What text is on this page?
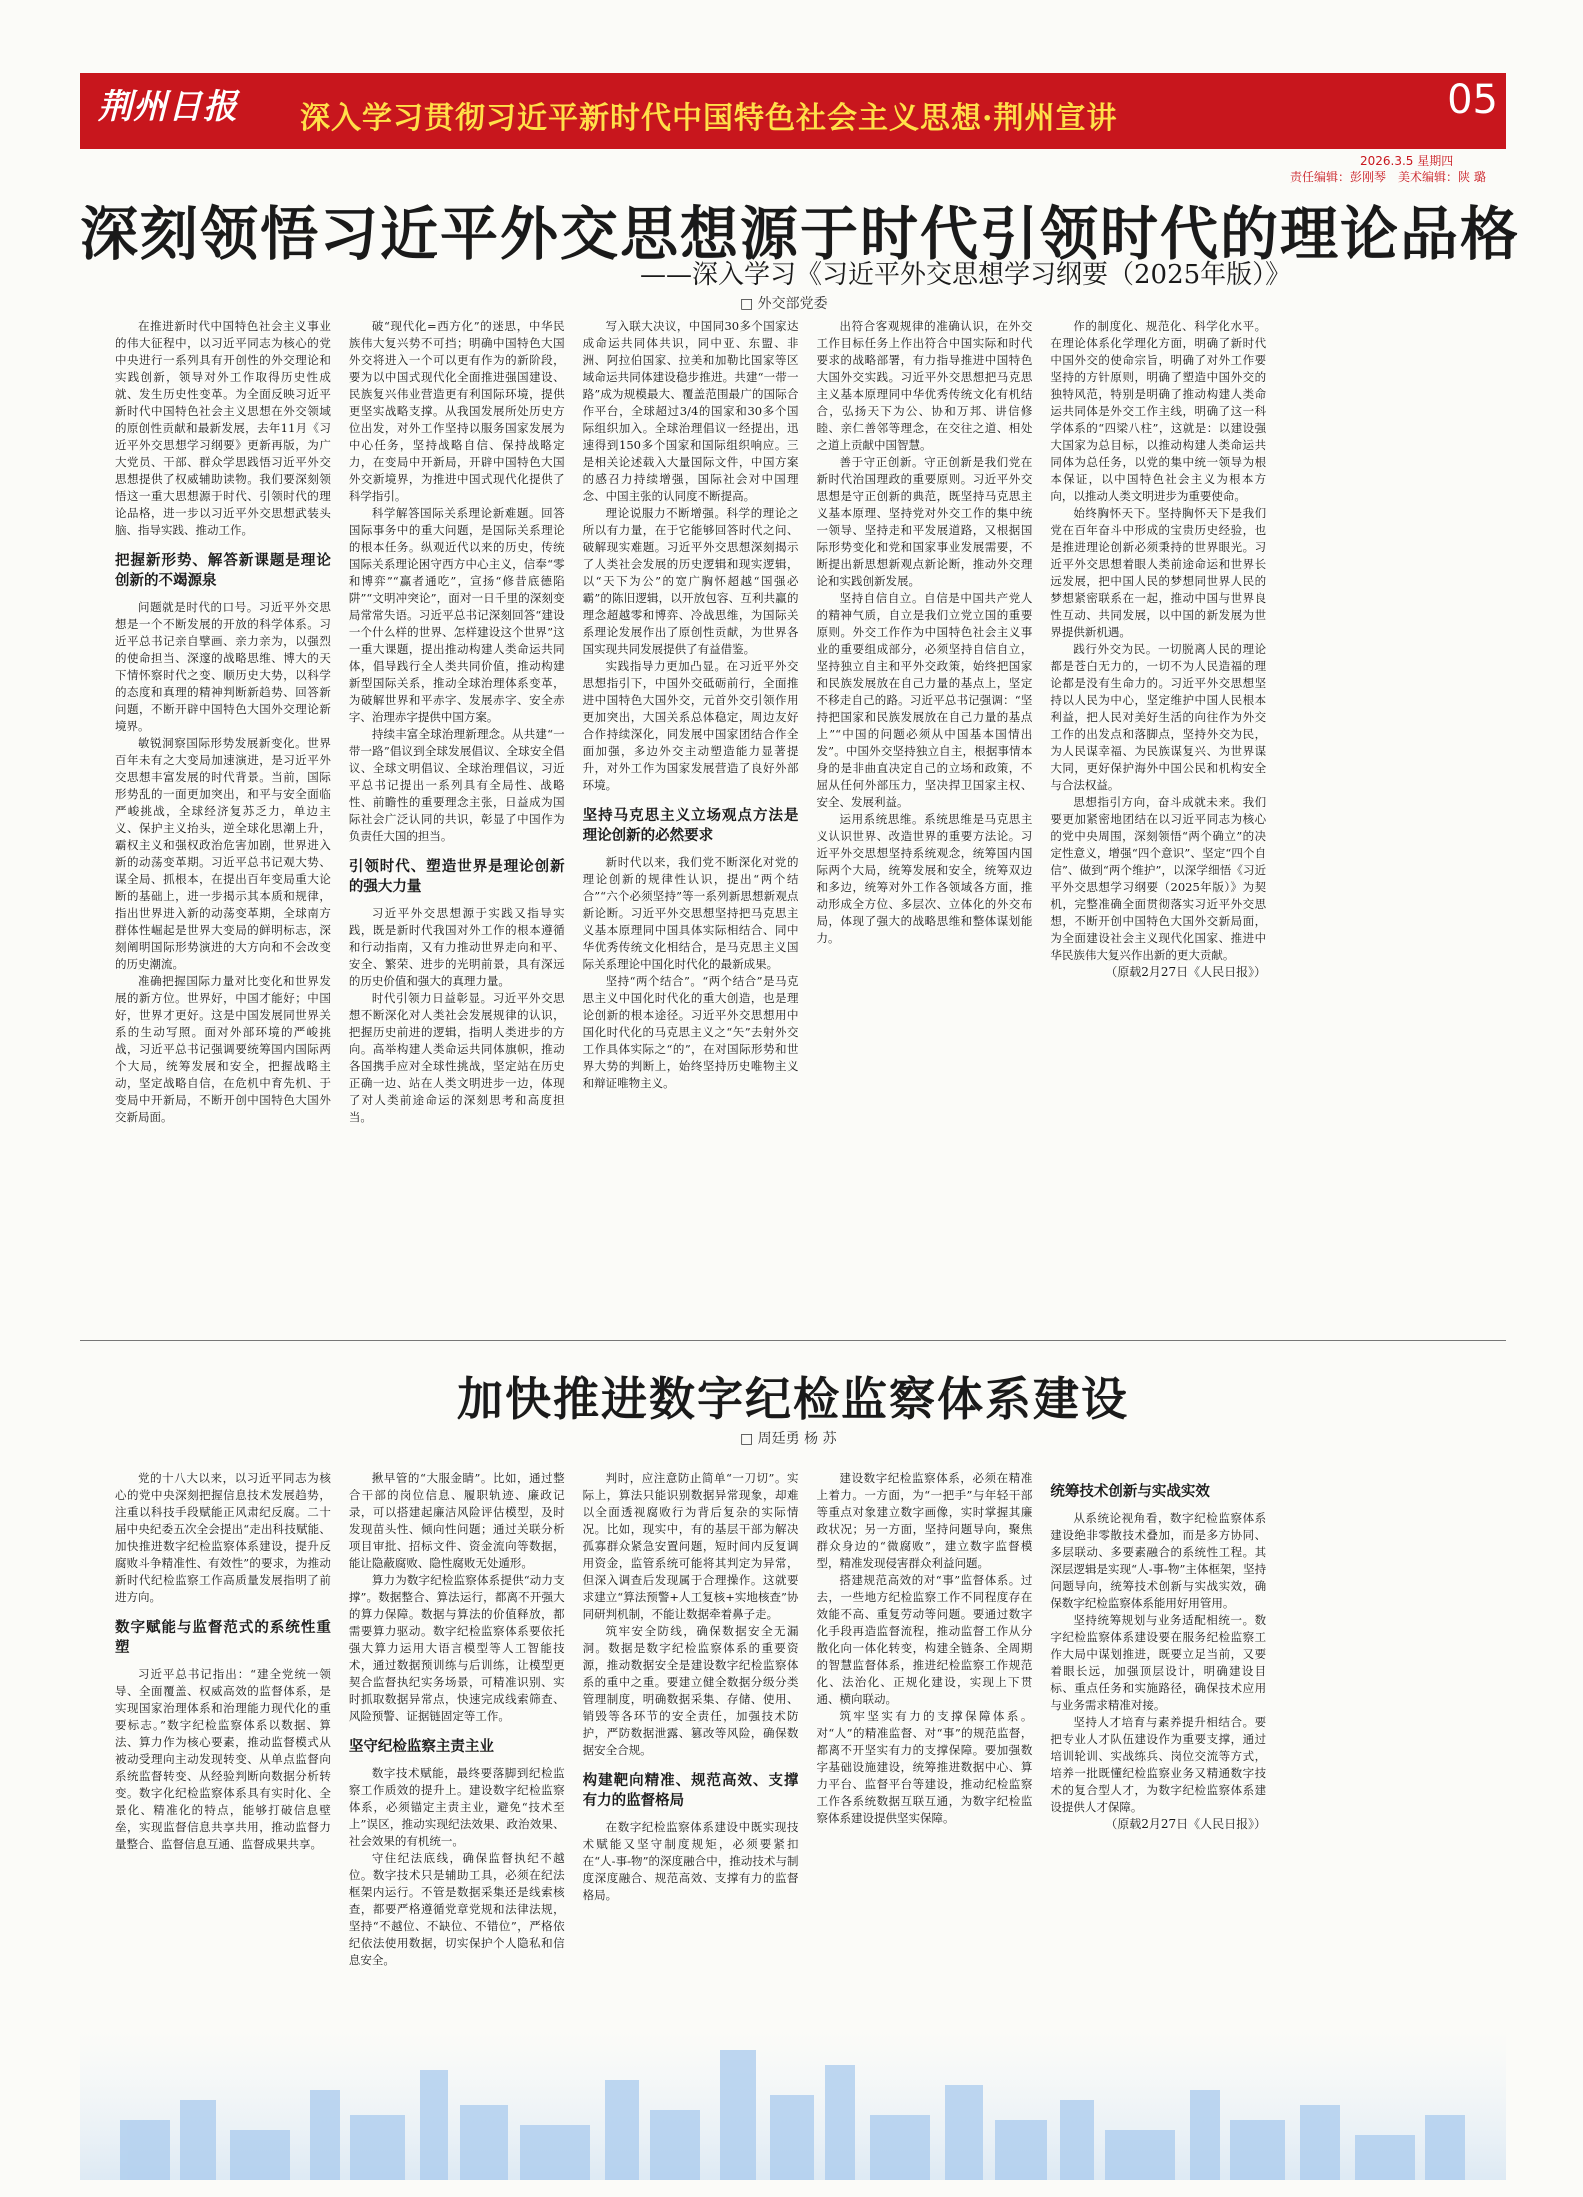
荆州日报 深入学习贯彻习近平新时代中国特色社会主义思想·荆州宣讲	05
2026.3.5 星期四
责任编辑：彭刚琴　美术编辑：陕 璐
深刻领悟习近平外交思想源于时代引领时代的理论品格
——深入学习《习近平外交思想学习纲要（2025年版）》
□ 外交部党委

在推进新时代中国特色社会主义事业的伟大征程中，以习近平同志为核心的党中央进行一系列具有开创性的外交理论和实践创新，领导对外工作取得历史性成就、发生历史性变革。为全面反映习近平新时代中国特色社会主义思想在外交领域的原创性贡献和最新发展，去年11月《习近平外交思想学习纲要》更新再版，为广大党员、干部、群众学思践悟习近平外交思想提供了权威辅助读物。我们要深刻领悟这一重大思想源于时代、引领时代的理论品格，进一步以习近平外交思想武装头脑、指导实践、推动工作。

把握新形势、解答新课题是理论创新的不竭源泉

问题就是时代的口号。习近平外交思想是一个不断发展的开放的科学体系。习近平总书记亲自擘画、亲力亲为，以强烈的使命担当、深邃的战略思维、博大的天下情怀察时代之变、顺历史大势，以科学的态度和真理的精神判断新趋势、回答新问题，不断开辟中国特色大国外交理论新境界。

敏锐洞察国际形势发展新变化。世界百年未有之大变局加速演进，是习近平外交思想丰富发展的时代背景。当前，国际形势乱的一面更加突出，和平与安全面临严峻挑战，全球经济复苏乏力，单边主义、保护主义抬头，逆全球化思潮上升，霸权主义和强权政治危害加剧，世界进入新的动荡变革期。习近平总书记观大势、谋全局、抓根本，在提出百年变局重大论断的基础上，进一步揭示其本质和规律，指出世界进入新的动荡变革期，全球南方群体性崛起是世界大变局的鲜明标志，深刻阐明国际形势演进的大方向和不会改变的历史潮流。

准确把握国际力量对比变化和世界发展的新方位。世界好，中国才能好；中国好，世界才更好。这是中国发展同世界关系的生动写照。面对外部环境的严峻挑战，习近平总书记强调要统筹国内国际两个大局，统筹发展和安全，把握战略主动，坚定战略自信，在危机中育先机、于变局中开新局，不断开创中国特色大国外交新局面。

破“现代化=西方化”的迷思，中华民族伟大复兴势不可挡；明确中国特色大国外交将进入一个可以更有作为的新阶段，要为以中国式现代化全面推进强国建设、民族复兴伟业营造更有利国际环境，提供更坚实战略支撑。从我国发展所处历史方位出发，对外工作坚持以服务国家发展为中心任务，坚持战略自信、保持战略定力，在变局中开新局，开辟中国特色大国外交新境界，为推进中国式现代化提供了科学指引。

科学解答国际关系理论新难题。回答国际事务中的重大问题，是国际关系理论的根本任务。纵观近代以来的历史，传统国际关系理论困守西方中心主义，信奉“零和博弈”“赢者通吃”，宣扬“修昔底德陷阱”“文明冲突论”，面对一日千里的深刻变局常常失语。习近平总书记深刻回答“建设一个什么样的世界、怎样建设这个世界”这一重大课题，提出推动构建人类命运共同体，倡导践行全人类共同价值，推动构建新型国际关系，推动全球治理体系变革，为破解世界和平赤字、发展赤字、安全赤字、治理赤字提供中国方案。

持续丰富全球治理新理念。从共建“一带一路”倡议到全球发展倡议、全球安全倡议、全球文明倡议、全球治理倡议，习近平总书记提出一系列具有全局性、战略性、前瞻性的重要理念主张，日益成为国际社会广泛认同的共识，彰显了中国作为负责任大国的担当。

引领时代、塑造世界是理论创新的强大力量

习近平外交思想源于实践又指导实践，既是新时代我国对外工作的根本遵循和行动指南，又有力推动世界走向和平、安全、繁荣、进步的光明前景，具有深远的历史价值和强大的真理力量。

时代引领力日益彰显。习近平外交思想不断深化对人类社会发展规律的认识，把握历史前进的逻辑，指明人类进步的方向。高举构建人类命运共同体旗帜，推动各国携手应对全球性挑战，坚定站在历史正确一边、站在人类文明进步一边，体现了对人类前途命运的深刻思考和高度担当。

写入联大决议，中国同30多个国家达成命运共同体共识，同中亚、东盟、非洲、阿拉伯国家、拉美和加勒比国家等区域命运共同体建设稳步推进。共建“一带一路”成为规模最大、覆盖范围最广的国际合作平台，全球超过3/4的国家和30多个国际组织加入。全球治理倡议一经提出，迅速得到150多个国家和国际组织响应。三是相关论述载入大量国际文件，中国方案的感召力持续增强，国际社会对中国理念、中国主张的认同度不断提高。

理论说服力不断增强。科学的理论之所以有力量，在于它能够回答时代之问、破解现实难题。习近平外交思想深刻揭示了人类社会发展的历史逻辑和现实逻辑，以“天下为公”的宽广胸怀超越“国强必霸”的陈旧逻辑，以开放包容、互利共赢的理念超越零和博弈、冷战思维，为国际关系理论发展作出了原创性贡献，为世界各国实现共同发展提供了有益借鉴。

实践指导力更加凸显。在习近平外交思想指引下，中国外交砥砺前行，全面推进中国特色大国外交，元首外交引领作用更加突出，大国关系总体稳定，周边友好合作持续深化，同发展中国家团结合作全面加强，多边外交主动塑造能力显著提升，对外工作为国家发展营造了良好外部环境。

坚持马克思主义立场观点方法是理论创新的必然要求

新时代以来，我们党不断深化对党的理论创新的规律性认识，提出“两个结合”“六个必须坚持”等一系列新思想新观点新论断。习近平外交思想坚持把马克思主义基本原理同中国具体实际相结合、同中华优秀传统文化相结合，是马克思主义国际关系理论中国化时代化的最新成果。

坚持“两个结合”。“两个结合”是马克思主义中国化时代化的重大创造，也是理论创新的根本途径。习近平外交思想用中国化时代化的马克思主义之“矢”去射外交工作具体实际之“的”，在对国际形势和世界大势的判断上，始终坚持历史唯物主义和辩证唯物主义。

出符合客观规律的准确认识，在外交工作目标任务上作出符合中国实际和时代要求的战略部署，有力指导推进中国特色大国外交实践。习近平外交思想把马克思主义基本原理同中华优秀传统文化有机结合，弘扬天下为公、协和万邦、讲信修睦、亲仁善邻等理念，在交往之道、相处之道上贡献中国智慧。

善于守正创新。守正创新是我们党在新时代治国理政的重要原则。习近平外交思想是守正创新的典范，既坚持马克思主义基本原理、坚持党对外交工作的集中统一领导、坚持走和平发展道路，又根据国际形势变化和党和国家事业发展需要，不断提出新思想新观点新论断，推动外交理论和实践创新发展。

坚持自信自立。自信是中国共产党人的精神气质，自立是我们立党立国的重要原则。外交工作作为中国特色社会主义事业的重要组成部分，必须坚持自信自立，坚持独立自主和平外交政策，始终把国家和民族发展放在自己力量的基点上，坚定不移走自己的路。习近平总书记强调：“坚持把国家和民族发展放在自己力量的基点上”“中国的问题必须从中国基本国情出发”。中国外交坚持独立自主，根据事情本身的是非曲直决定自己的立场和政策，不屈从任何外部压力，坚决捍卫国家主权、安全、发展利益。

运用系统思维。系统思维是马克思主义认识世界、改造世界的重要方法论。习近平外交思想坚持系统观念，统筹国内国际两个大局，统筹发展和安全，统筹双边和多边，统筹对外工作各领域各方面，推动形成全方位、多层次、立体化的外交布局，体现了强大的战略思维和整体谋划能力。

作的制度化、规范化、科学化水平。在理论体系化学理化方面，明确了新时代中国外交的使命宗旨，明确了对外工作要坚持的方针原则，明确了塑造中国外交的独特风范，特别是明确了推动构建人类命运共同体是外交工作主线，明确了这一科学体系的“四梁八柱”，这就是：以建设强大国家为总目标，以推动构建人类命运共同体为总任务，以党的集中统一领导为根本保证，以中国特色社会主义为根本方向，以推动人类文明进步为重要使命。

始终胸怀天下。坚持胸怀天下是我们党在百年奋斗中形成的宝贵历史经验，也是推进理论创新必须秉持的世界眼光。习近平外交思想着眼人类前途命运和世界长远发展，把中国人民的梦想同世界人民的梦想紧密联系在一起，推动中国与世界良性互动、共同发展，以中国的新发展为世界提供新机遇。

践行外交为民。一切脱离人民的理论都是苍白无力的，一切不为人民造福的理论都是没有生命力的。习近平外交思想坚持以人民为中心，坚定维护中国人民根本利益，把人民对美好生活的向往作为外交工作的出发点和落脚点，坚持外交为民，为人民谋幸福、为民族谋复兴、为世界谋大同，更好保护海外中国公民和机构安全与合法权益。

思想指引方向，奋斗成就未来。我们要更加紧密地团结在以习近平同志为核心的党中央周围，深刻领悟“两个确立”的决定性意义，增强“四个意识”、坚定“四个自信”、做到“两个维护”，以深学细悟《习近平外交思想学习纲要（2025年版）》为契机，完整准确全面贯彻落实习近平外交思想，不断开创中国特色大国外交新局面，为全面建设社会主义现代化国家、推进中华民族伟大复兴作出新的更大贡献。

（原载2月27日《人民日报》）

加快推进数字纪检监察体系建设
□ 周廷勇 杨 苏

党的十八大以来，以习近平同志为核心的党中央深刻把握信息技术发展趋势，注重以科技手段赋能正风肃纪反腐。二十届中央纪委五次全会提出“走出科技赋能、加快推进数字纪检监察体系建设，提升反腐败斗争精准性、有效性”的要求，为推动新时代纪检监察工作高质量发展指明了前进方向。

数字赋能与监督范式的系统性重塑

习近平总书记指出：“建全党统一领导、全面覆盖、权威高效的监督体系，是实现国家治理体系和治理能力现代化的重要标志。”数字纪检监察体系以数据、算法、算力作为核心要素，推动监督模式从被动受理向主动发现转变、从单点监督向系统监督转变、从经验判断向数据分析转变。数字化纪检监察体系具有实时化、全景化、精准化的特点，能够打破信息壁垒，实现监督信息共享共用，推动监督力量整合、监督信息互通、监督成果共享。

揪早管的“大服金睛”。比如，通过整合干部的岗位信息、履职轨迹、廉政记录，可以搭建起廉洁风险评估模型，及时发现苗头性、倾向性问题；通过关联分析项目审批、招标文件、资金流向等数据，能让隐蔽腐败、隐性腐败无处遁形。

算力为数字纪检监察体系提供“动力支撑”。数据整合、算法运行，都离不开强大的算力保障。数据与算法的价值释放，都需要算力驱动。数字纪检监察体系要依托强大算力运用大语言模型等人工智能技术，通过数据预训练与后训练，让模型更契合监督执纪实务场景，可精准识别、实时抓取数据异常点，快速完成线索筛查、风险预警、证据链固定等工作。

坚守纪检监察主责主业

数字技术赋能，最终要落脚到纪检监察工作质效的提升上。建设数字纪检监察体系，必须锚定主责主业，避免“技术至上”误区，推动实现纪法效果、政治效果、社会效果的有机统一。

守住纪法底线，确保监督执纪不越位。数字技术只是辅助工具，必须在纪法框架内运行。不管是数据采集还是线索核查，都要严格遵循党章党规和法律法规，坚持“不越位、不缺位、不错位”，严格依纪依法使用数据，切实保护个人隐私和信息安全。

判时，应注意防止简单“一刀切”。实际上，算法只能识别数据异常现象，却难以全面透视腐败行为背后复杂的实际情况。比如，现实中，有的基层干部为解决孤寡群众紧急安置问题，短时间内反复调用资金，监管系统可能将其判定为异常，但深入调查后发现属于合理操作。这就要求建立“算法预警+人工复核+实地核查”协同研判机制，不能让数据牵着鼻子走。

筑牢安全防线，确保数据安全无漏洞。数据是数字纪检监察体系的重要资源，推动数据安全是建设数字纪检监察体系的重中之重。要建立健全数据分级分类管理制度，明确数据采集、存储、使用、销毁等各环节的安全责任，加强技术防护，严防数据泄露、篡改等风险，确保数据安全合规。

构建靶向精准、规范高效、支撑有力的监督格局

在数字纪检监察体系建设中既实现技术赋能又坚守制度规矩，必须要紧扣在“人-事-物”的深度融合中，推动技术与制度深度融合、规范高效、支撑有力的监督格局。

建设数字纪检监察体系，必须在精准上着力。一方面，为“一把手”与年轻干部等重点对象建立数字画像，实时掌握其廉政状况；另一方面，坚持问题导向，聚焦群众身边的“微腐败”，建立数字监督模型，精准发现侵害群众利益问题。

搭建规范高效的对“事”监督体系。过去，一些地方纪检监察工作不同程度存在效能不高、重复劳动等问题。要通过数字化手段再造监督流程，推动监督工作从分散化向一体化转变，构建全链条、全周期的智慧监督体系，推进纪检监察工作规范化、法治化、正规化建设，实现上下贯通、横向联动。

筑牢坚实有力的支撑保障体系。对“人”的精准监督、对“事”的规范监督，都离不开坚实有力的支撑保障。要加强数字基础设施建设，统筹推进数据中心、算力平台、监督平台等建设，推动纪检监察工作各系统数据互联互通，为数字纪检监察体系建设提供坚实保障。

统筹技术创新与实战实效

从系统论视角看，数字纪检监察体系建设绝非零散技术叠加，而是多方协同、多层联动、多要素融合的系统性工程。其深层逻辑是实现“人-事-物”主体框架，坚持问题导向，统筹技术创新与实战实效，确保数字纪检监察体系能用好用管用。

坚持统筹规划与业务适配相统一。数字纪检监察体系建设要在服务纪检监察工作大局中谋划推进，既要立足当前，又要着眼长远，加强顶层设计，明确建设目标、重点任务和实施路径，确保技术应用与业务需求精准对接。

坚持人才培育与素养提升相结合。要把专业人才队伍建设作为重要支撑，通过培训轮训、实战练兵、岗位交流等方式，培养一批既懂纪检监察业务又精通数字技术的复合型人才，为数字纪检监察体系建设提供人才保障。

（原载2月27日《人民日报》）
